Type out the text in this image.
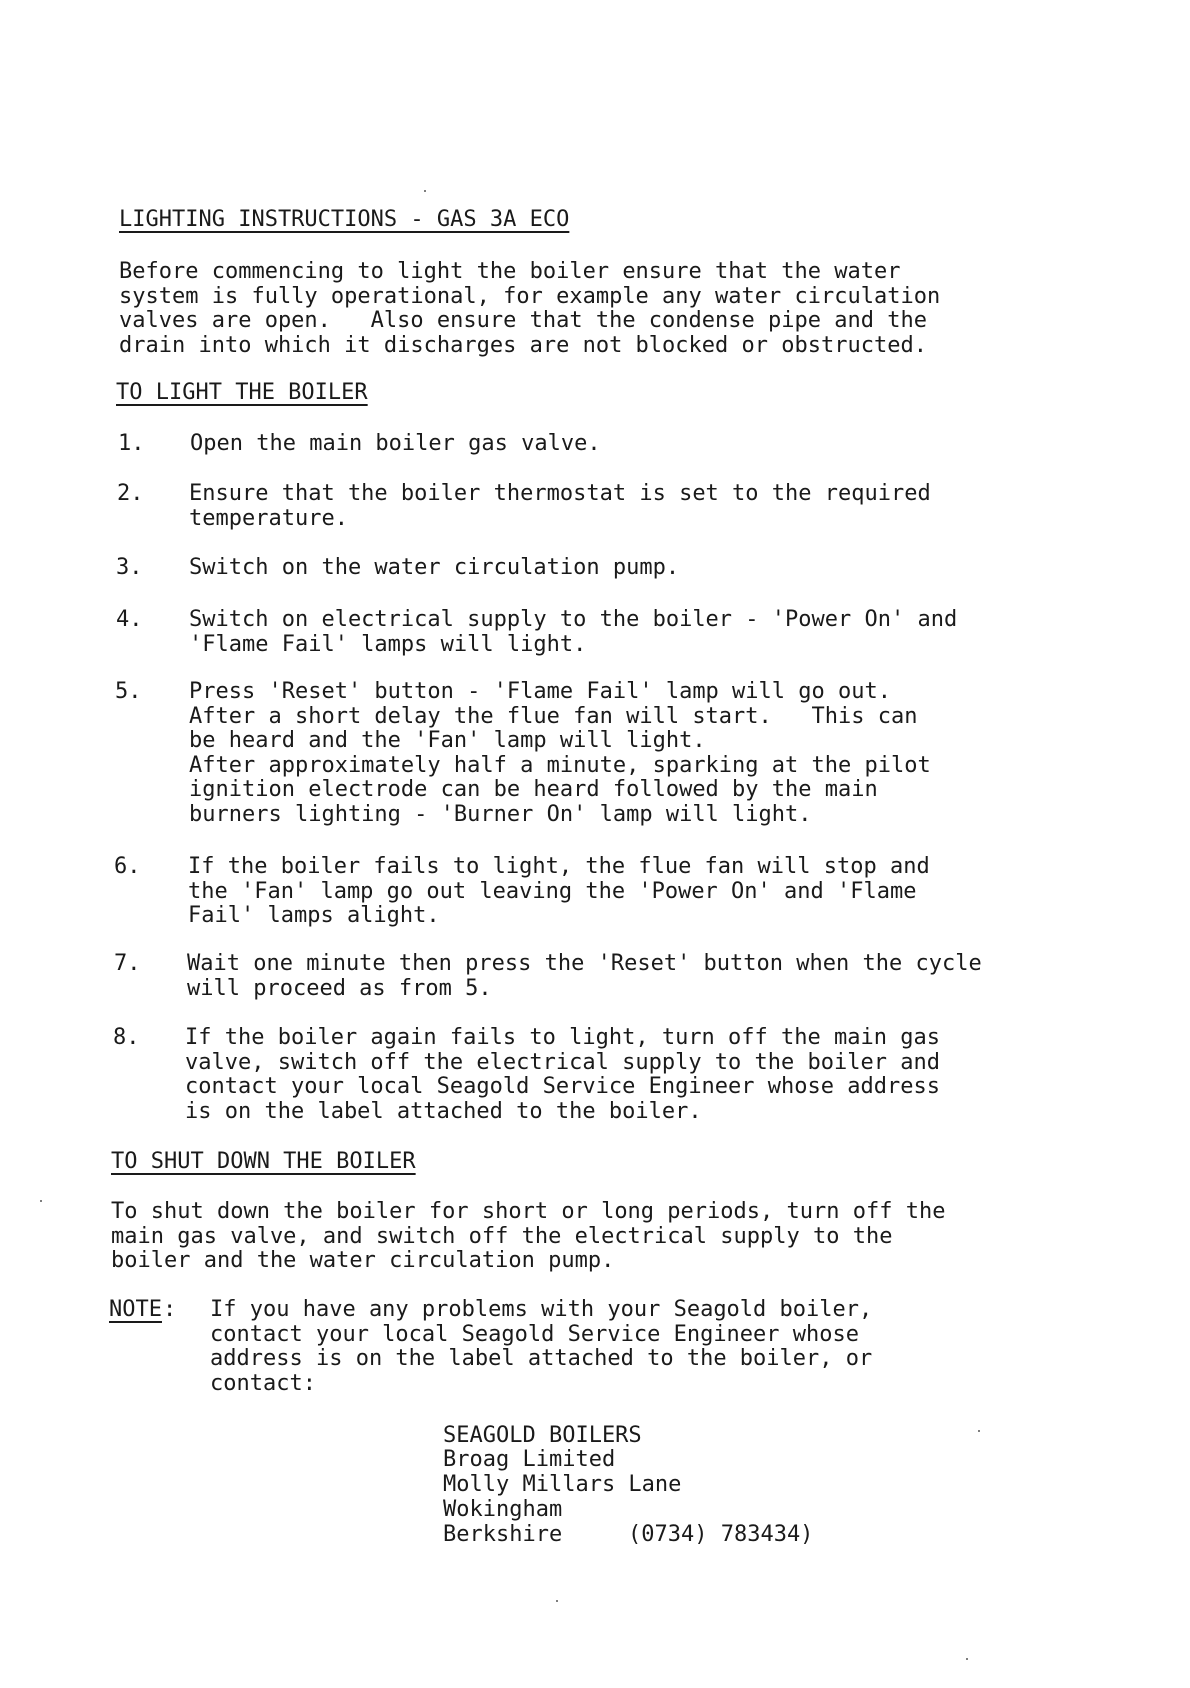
LIGHTING INSTRUCTIONS - GAS 3A ECO
Before commencing to light the boiler ensure that the water
system is fully operational, for example any water circulation
valves are open.   Also ensure that the condense pipe and the
drain into which it discharges are not blocked or obstructed.
TO LIGHT THE BOILER
1.	Open the main boiler gas valve.
2.	Ensure that the boiler thermostat is set to the required
temperature.
3.	Switch on the water circulation pump.
4.	Switch on electrical supply to the boiler - 'Power On' and
'Flame Fail' lamps will light.
5.	Press 'Reset' button - 'Flame Fail' lamp will go out.
After a short delay the flue fan will start.   This can
be heard and the 'Fan' lamp will light.
After approximately half a minute, sparking at the pilot
ignition electrode can be heard followed by the main
burners lighting - 'Burner On' lamp will light.
6.	If the boiler fails to light, the flue fan will stop and
the 'Fan' lamp go out leaving the 'Power On' and 'Flame
Fail' lamps alight.
7.	Wait one minute then press the 'Reset' button when the cycle
will proceed as from 5.
8.	If the boiler again fails to light, turn off the main gas
valve, switch off the electrical supply to the boiler and
contact your local Seagold Service Engineer whose address
is on the label attached to the boiler.
TO SHUT DOWN THE BOILER
To shut down the boiler for short or long periods, turn off the
main gas valve, and switch off the electrical supply to the
boiler and the water circulation pump.
NOTE : If you have any problems with your Seagold boiler,
contact your local Seagold Service Engineer whose
address is on the label attached to the boiler, or
contact:
SEAGOLD BOILERS
Broag Limited
Molly Millars Lane
Wokingham
Berkshire	(0734) 783434)
